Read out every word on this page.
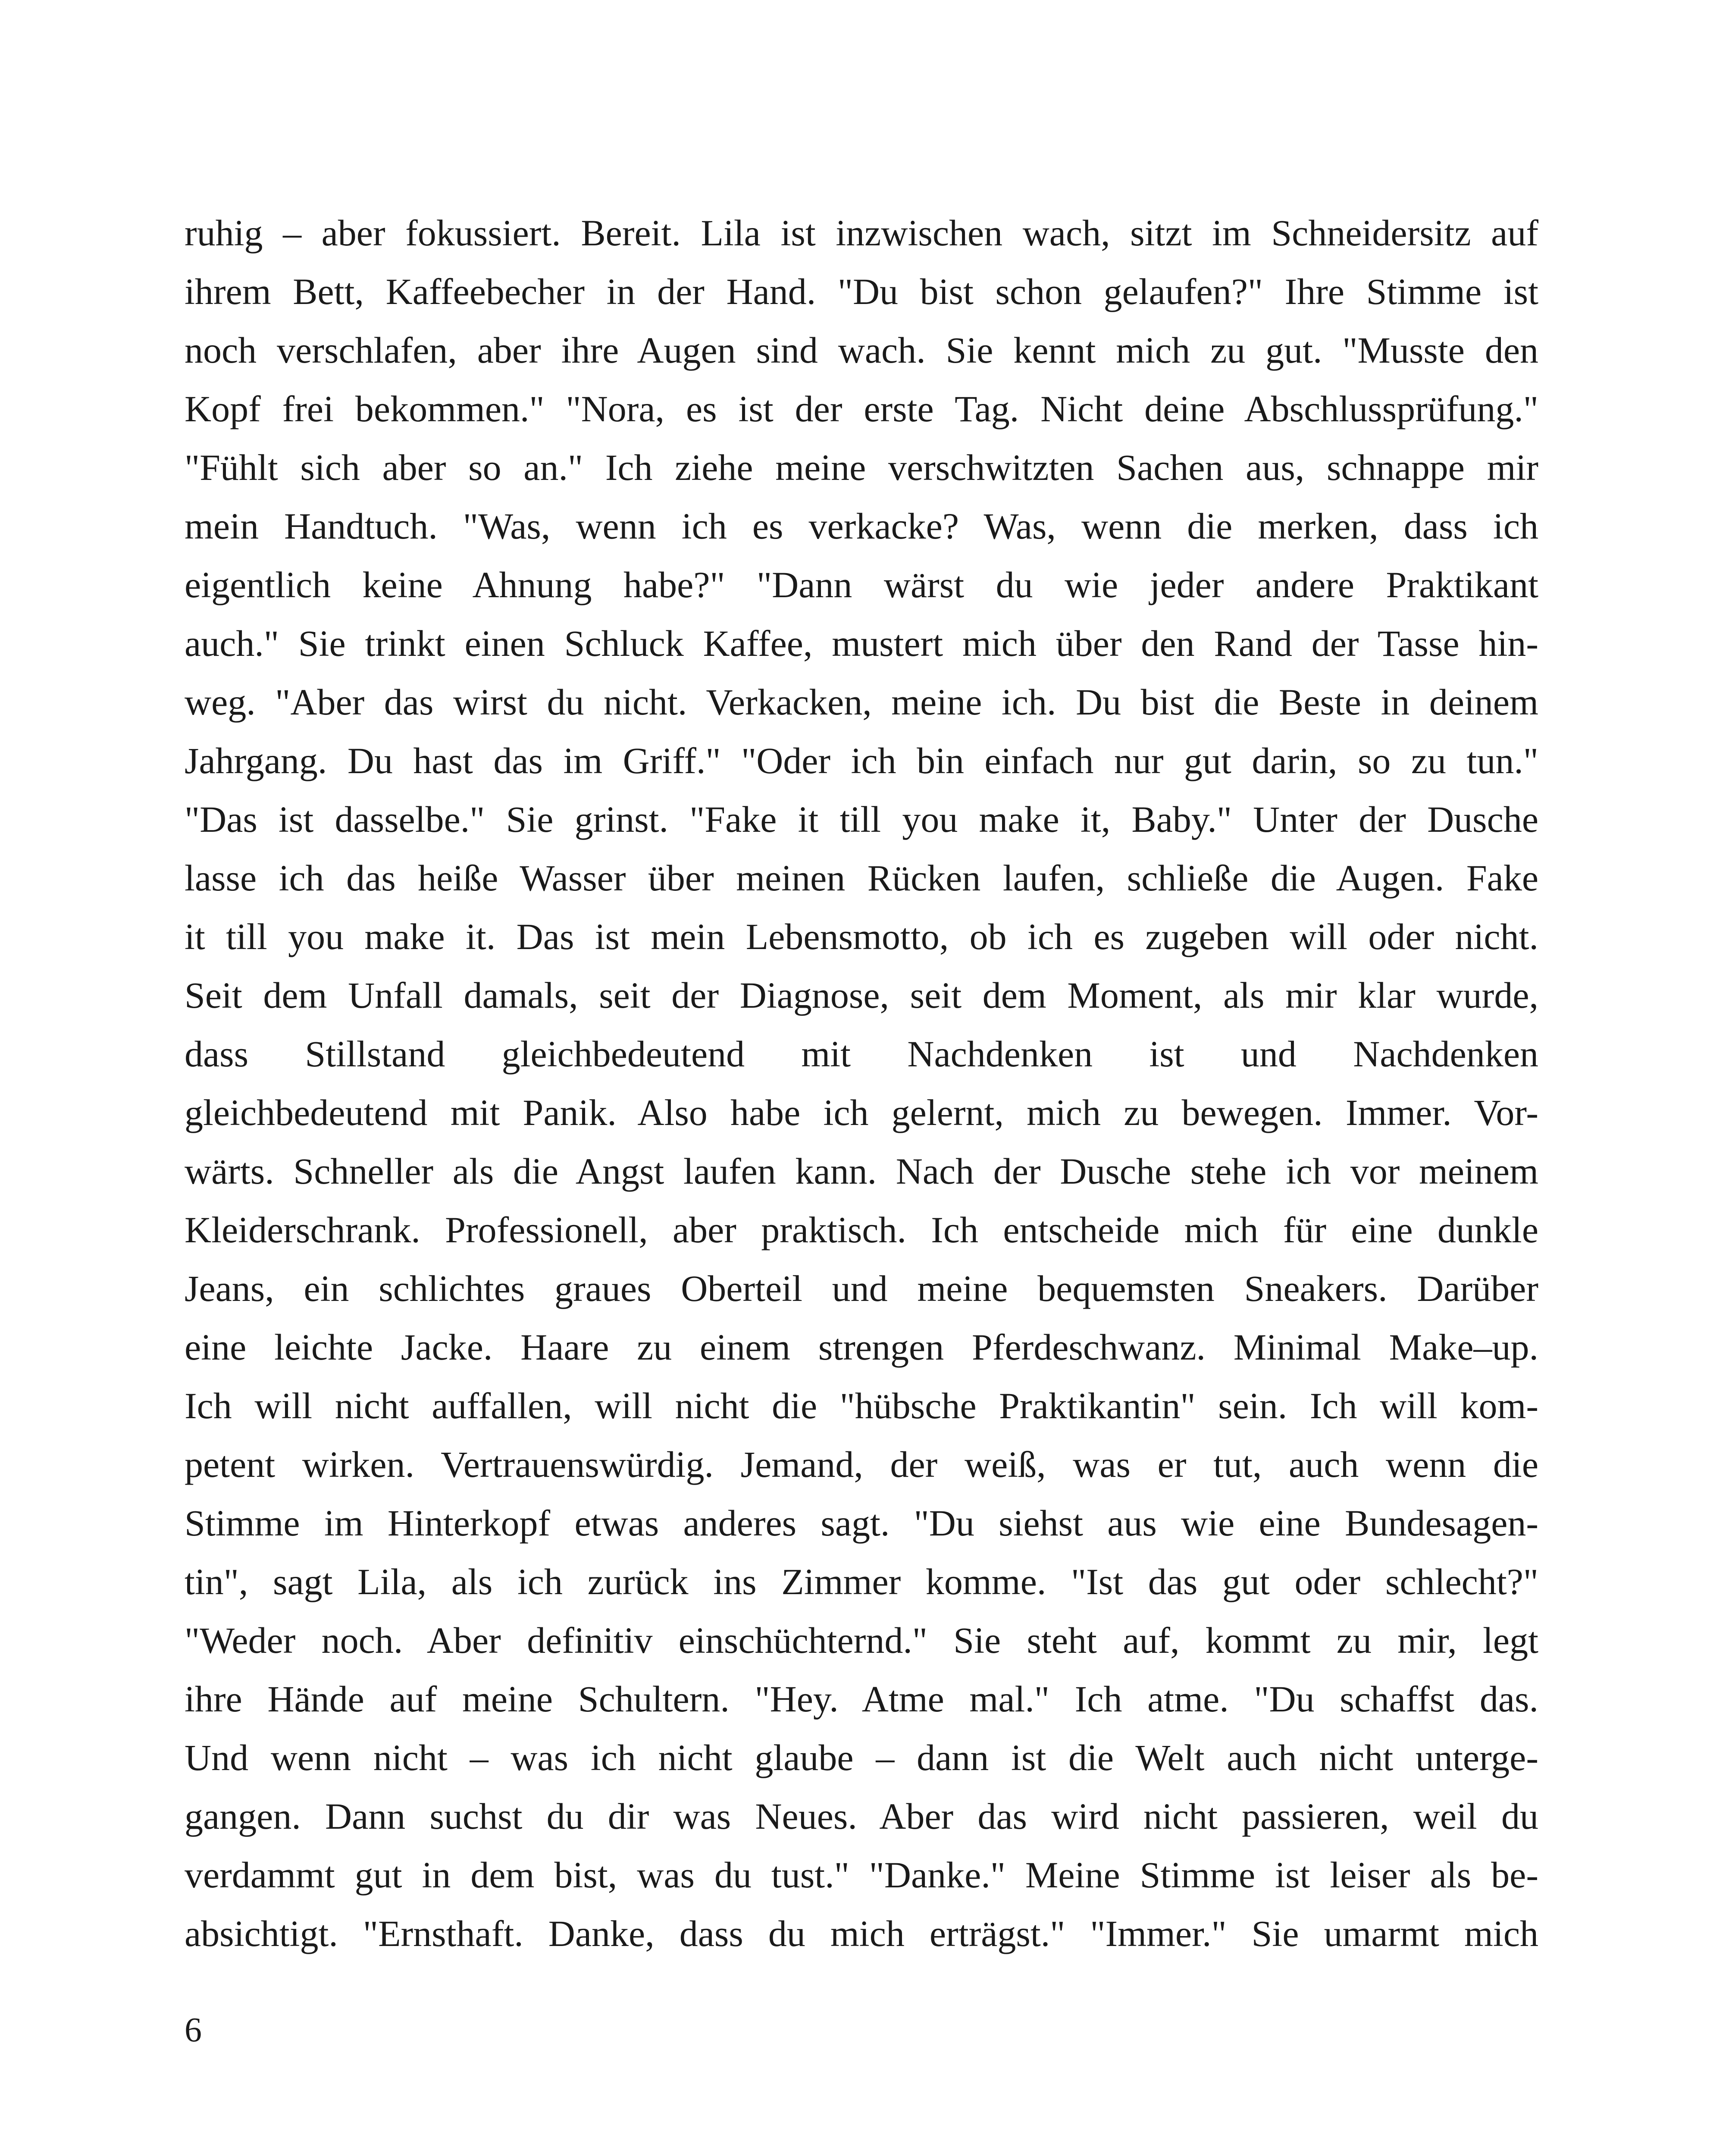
ruhig – aber fokussiert. Bereit. Lila ist inzwischen wach, sitzt im Schneidersitz auf
ihrem Bett, Kaffeebecher in der Hand. "Du bist schon gelaufen?" Ihre Stimme ist
noch verschlafen, aber ihre Augen sind wach. Sie kennt mich zu gut. "Musste den
Kopf frei bekommen." "Nora, es ist der erste Tag. Nicht deine Abschlussprüfung."
"Fühlt sich aber so an." Ich ziehe meine verschwitzten Sachen aus, schnappe mir
mein Handtuch. "Was, wenn ich es verkacke? Was, wenn die merken, dass ich
eigentlich keine Ahnung habe?" "Dann wärst du wie jeder andere Praktikant
auch." Sie trinkt einen Schluck Kaffee, mustert mich über den Rand der Tasse hin-
weg. "Aber das wirst du nicht. Verkacken, meine ich. Du bist die Beste in deinem
Jahrgang. Du hast das im Griff." "Oder ich bin einfach nur gut darin, so zu tun."
"Das ist dasselbe." Sie grinst. "Fake it till you make it, Baby." Unter der Dusche
lasse ich das heiße Wasser über meinen Rücken laufen, schließe die Augen. Fake
it till you make it. Das ist mein Lebensmotto, ob ich es zugeben will oder nicht.
Seit dem Unfall damals, seit der Diagnose, seit dem Moment, als mir klar wurde,
dass Stillstand gleichbedeutend mit Nachdenken ist und Nachdenken
gleichbedeutend mit Panik. Also habe ich gelernt, mich zu bewegen. Immer. Vor-
wärts. Schneller als die Angst laufen kann. Nach der Dusche stehe ich vor meinem
Kleiderschrank. Professionell, aber praktisch. Ich entscheide mich für eine dunkle
Jeans, ein schlichtes graues Oberteil und meine bequemsten Sneakers. Darüber
eine leichte Jacke. Haare zu einem strengen Pferdeschwanz. Minimal Make–up.
Ich will nicht auffallen, will nicht die "hübsche Praktikantin" sein. Ich will kom-
petent wirken. Vertrauenswürdig. Jemand, der weiß, was er tut, auch wenn die
Stimme im Hinterkopf etwas anderes sagt. "Du siehst aus wie eine Bundesagen-
tin", sagt Lila, als ich zurück ins Zimmer komme. "Ist das gut oder schlecht?"
"Weder noch. Aber definitiv einschüchternd." Sie steht auf, kommt zu mir, legt
ihre Hände auf meine Schultern. "Hey. Atme mal." Ich atme. "Du schaffst das.
Und wenn nicht – was ich nicht glaube – dann ist die Welt auch nicht unterge-
gangen. Dann suchst du dir was Neues. Aber das wird nicht passieren, weil du
verdammt gut in dem bist, was du tust." "Danke." Meine Stimme ist leiser als be-
absichtigt. "Ernsthaft. Danke, dass du mich erträgst." "Immer." Sie umarmt mich
6
